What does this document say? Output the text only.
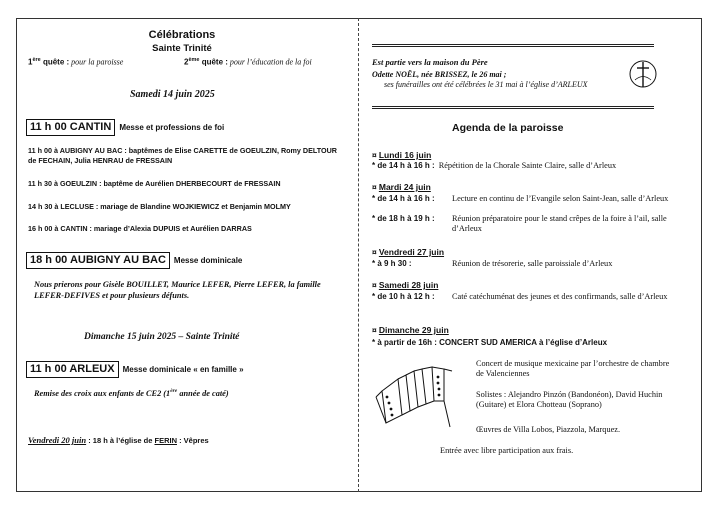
Célébrations
Sainte Trinité
1ère quête : pour la paroisse	2ème quête : pour l’éducation de la foi
Samedi 14 juin 2025
11 h 00 CANTIN	Messe et professions de foi
11 h 00 à AUBIGNY AU BAC : baptêmes de Elise CARETTE de GOEULZIN, Romy DELTOUR de FECHAIN, Julia HENRAU de FRESSAIN
11 h 30 à GOEULZIN : baptême de Aurélien DHERBECOURT de FRESSAIN
14 h 30 à LECLUSE : mariage de Blandine WOJKIEWICZ et Benjamin MOLMY
16 h 00 à CANTIN : mariage d’Alexia DUPUIS et Aurélien DARRAS
18 h 00 AUBIGNY AU BAC	Messe dominicale
Nous prierons pour Gisèle BOUILLET, Maurice LEFER, Pierre LEFER, la famille LEFER-DEFIVES et pour plusieurs défunts.
Dimanche 15 juin 2025 – Sainte Trinité
11 h 00 ARLEUX	Messe dominicale « en famille »
Remise des croix aux enfants de CE2 (1ère année de caté)
Vendredi 20 juin : 18 h à l’église de FERIN : Vêpres
Est partie vers la maison du Père
Odette NOËL, née BRISSEZ, le 26 mai ;
ses funérailles ont été célébrées le 31 mai à l’église d’ARLEUX
Agenda de la paroisse
¤ Lundi 16 juin
* de 14 h à 16 h : Répétition de la Chorale Sainte Claire, salle d’Arleux
¤ Mardi 24 juin
* de 14 h à 16 h :	Lecture en continu de l’Evangile selon Saint-Jean, salle d’Arleux
* de 18 h à 19 h :	Réunion préparatoire pour le stand crêpes de la foire à l’ail, salle d’Arleux
¤ Vendredi 27 juin
* à 9 h 30 :	Réunion de trésorerie, salle paroissiale d’Arleux
¤ Samedi 28 juin
* de 10 h à 12 h :	Caté catéchuménat des jeunes et des confirmands, salle d’Arleux
¤ Dimanche 29 juin
* à partir de 16h : CONCERT SUD AMERICA à l’église d’Arleux
Concert de musique mexicaine par l’orchestre de chambre de Valenciennes
Solistes : Alejandro Pinzón (Bandonéon), David Huchin (Guitare) et Elora Chotteau (Soprano)
Œuvres de Villa Lobos, Piazzola, Marquez.
Entrée avec libre participation aux frais.
